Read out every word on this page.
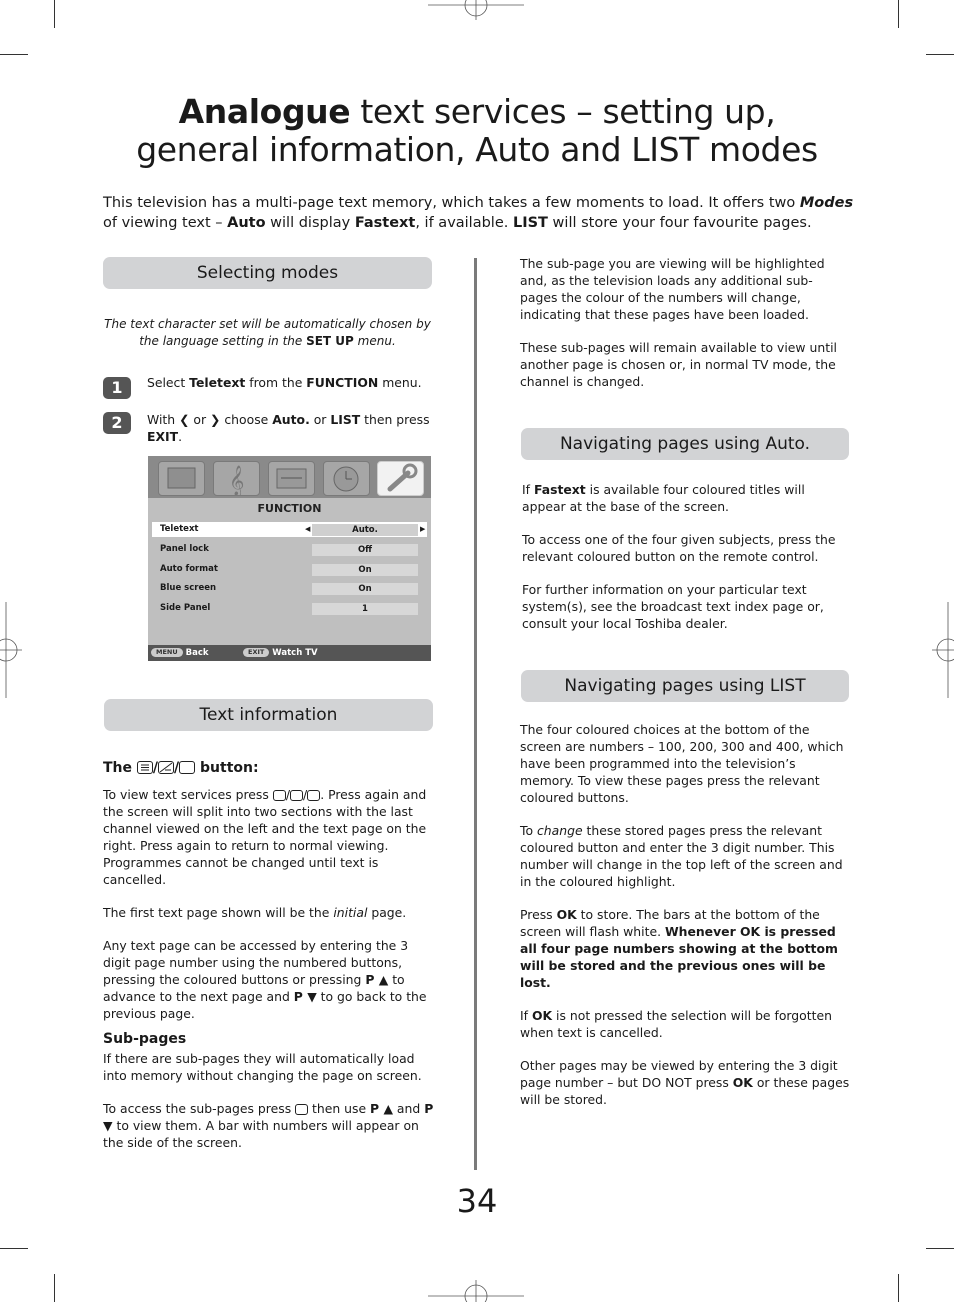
Analogue text services – setting up,
general information, Auto and LIST modes
This television has a multi-page text memory, which takes a few moments to load. It offers two Modes of viewing text – Auto will display Fastext, if available. LIST will store your four favourite pages.
Selecting modes
The text character set will be automatically chosen by the language setting in the SET UP menu.
1	Select Teletext from the FUNCTION menu.
2	With ❮ or ❯ choose Auto. or LIST then press EXIT.
𝄞
FUNCTION
Teletext	Auto.
◀	▶
Panel lock	Off
Auto format	On
Blue screen	On
Side Panel	1
MENU Back	EXIT Watch TV
Text information
The / / button:

To view text services press / / . Press again and the screen will split into two sections with the last channel viewed on the left and the text page on the right. Press again to return to normal viewing. Programmes cannot be changed until text is cancelled.

The first text page shown will be the initial page.

Any text page can be accessed by entering the 3 digit page number using the numbered buttons, pressing the coloured buttons or pressing P ▲ to advance to the next page and P ▼ to go back to the previous page.

Sub-pages

If there are sub-pages they will automatically load into memory without changing the page on screen.

To access the sub-pages press  then use P ▲ and P ▼ to view them. A bar with numbers will appear on the side of the screen.

The sub-page you are viewing will be highlighted and, as the television loads any additional sub-pages the colour of the numbers will change, indicating that these pages have been loaded.

These sub-pages will remain available to view until another page is chosen or, in normal TV mode, the channel is changed.

Navigating pages using Auto.

If Fastext is available four coloured titles will appear at the base of the screen.

To access one of the four given subjects, press the relevant coloured button on the remote control.

For further information on your particular text system(s), see the broadcast text index page or, consult your local Toshiba dealer.

Navigating pages using LIST

The four coloured choices at the bottom of the screen are numbers – 100, 200, 300 and 400, which have been programmed into the television’s memory. To view these pages press the relevant coloured buttons.

To change these stored pages press the relevant coloured button and enter the 3 digit number. This number will change in the top left of the screen and in the coloured highlight.

Press OK to store. The bars at the bottom of the screen will flash white. Whenever OK is pressed all four page numbers showing at the bottom will be stored and the previous ones will be lost.

If OK is not pressed the selection will be forgotten when text is cancelled.

Other pages may be viewed by entering the 3 digit page number – but DO NOT press OK or these pages will be stored.

34
